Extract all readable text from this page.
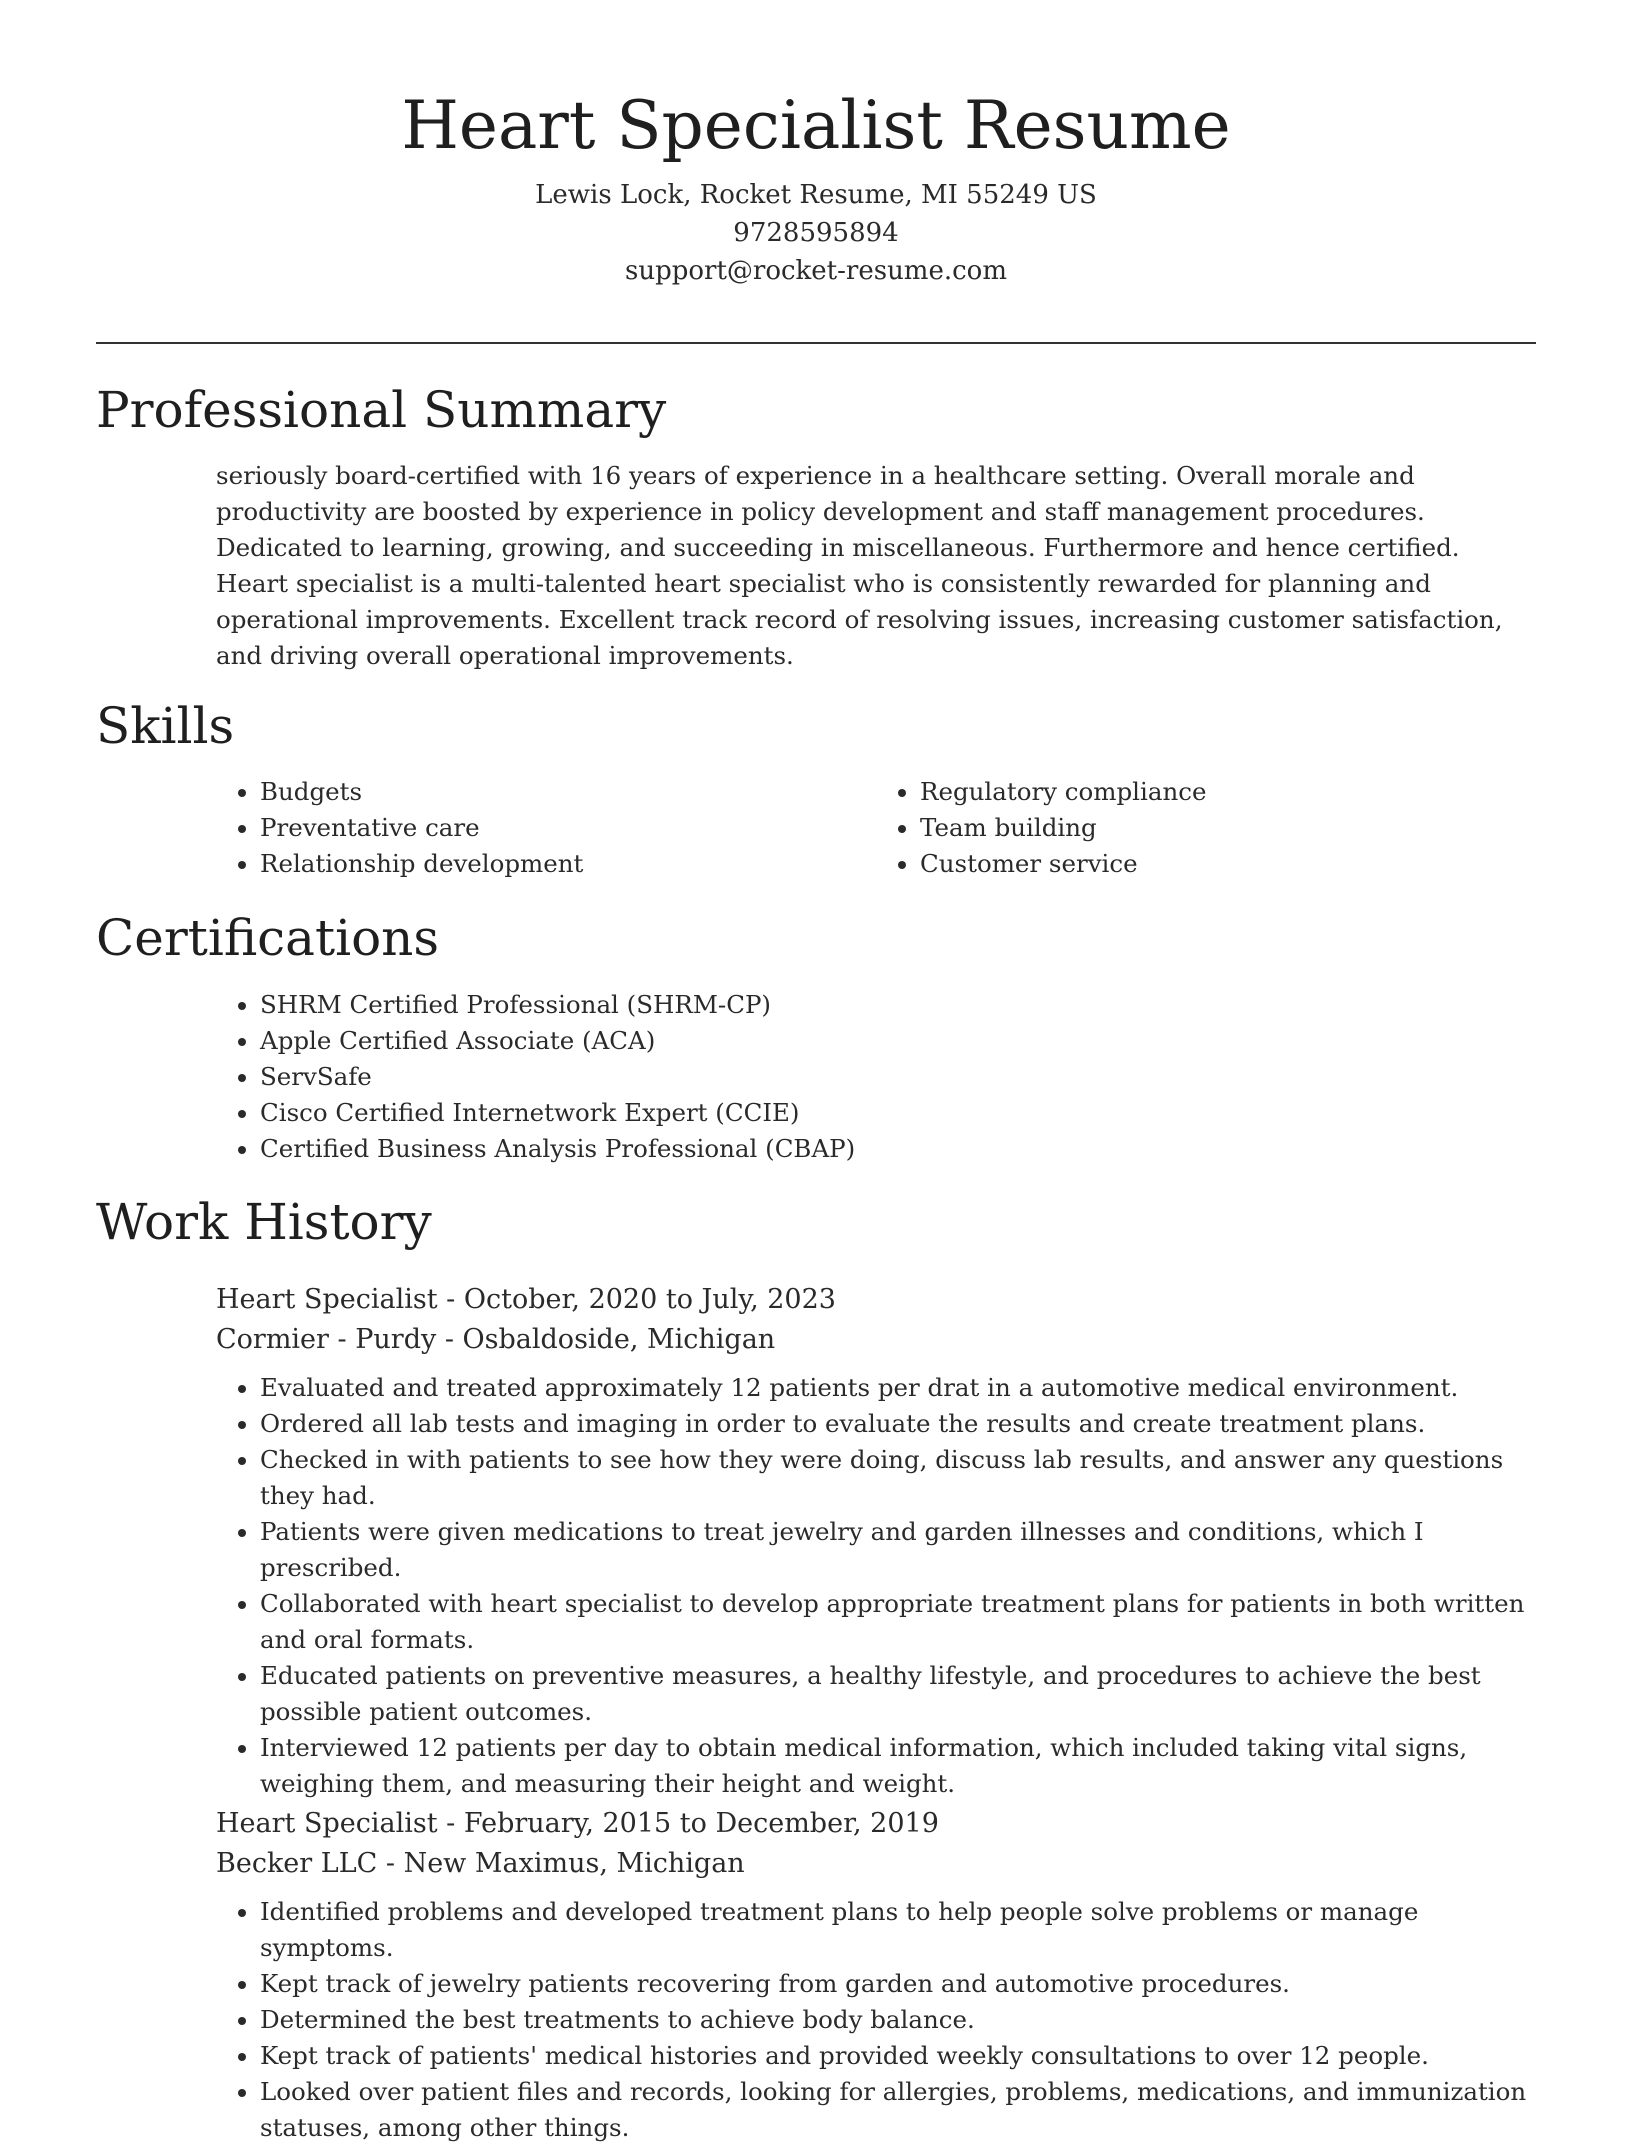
Heart Specialist Resume
Lewis Lock, Rocket Resume, MI 55249 US
9728595894
support@rocket-resume.com
Professional Summary

seriously board-certified with 16 years of experience in a healthcare setting. Overall morale and productivity are boosted by experience in policy development and staff management procedures. Dedicated to learning, growing, and succeeding in miscellaneous. Furthermore and hence certified. Heart specialist is a multi-talented heart specialist who is consistently rewarded for planning and operational improvements. Excellent track record of resolving issues, increasing customer satisfaction, and driving overall operational improvements.

Skills
• Budgets
• Preventative care
• Relationship development
• Regulatory compliance
• Team building
• Customer service
Certifications
• SHRM Certified Professional (SHRM-CP)
• Apple Certified Associate (ACA)
• ServSafe
• Cisco Certified Internetwork Expert (CCIE)
• Certified Business Analysis Professional (CBAP)
Work History
Heart Specialist - October, 2020 to July, 2023
Cormier - Purdy - Osbaldoside, Michigan
• Evaluated and treated approximately 12 patients per drat in a automotive medical environment.
• Ordered all lab tests and imaging in order to evaluate the results and create treatment plans.
• Checked in with patients to see how they were doing, discuss lab results, and answer any questions they had.
• Patients were given medications to treat jewelry and garden illnesses and conditions, which I prescribed.
• Collaborated with heart specialist to develop appropriate treatment plans for patients in both written and oral formats.
• Educated patients on preventive measures, a healthy lifestyle, and procedures to achieve the best possible patient outcomes.
• Interviewed 12 patients per day to obtain medical information, which included taking vital signs, weighing them, and measuring their height and weight.
Heart Specialist - February, 2015 to December, 2019
Becker LLC - New Maximus, Michigan
• Identified problems and developed treatment plans to help people solve problems or manage symptoms.
• Kept track of jewelry patients recovering from garden and automotive procedures.
• Determined the best treatments to achieve body balance.
• Kept track of patients' medical histories and provided weekly consultations to over 12 people.
• Looked over patient files and records, looking for allergies, problems, medications, and immunization statuses, among other things.
